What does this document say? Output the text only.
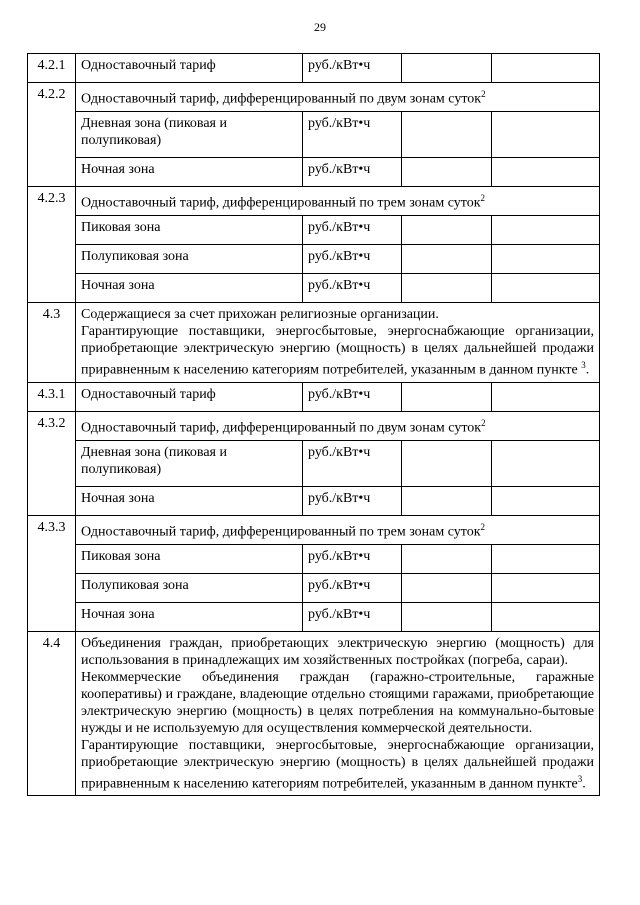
29
4.2.1	Одноставочный тариф	руб./кВт•ч		
4.2.2	Одноставочный тариф, дифференцированный по двум зонам суток$^2$
	Дневная зона (пиковая и полупиковая)	руб./кВт•ч		
	Ночная зона	руб./кВт•ч		
4.2.3	Одноставочный тариф, дифференцированный по трем зонам суток$^2$
	Пиковая зона	руб./кВт•ч		
	Полупиковая зона	руб./кВт•ч		
	Ночная зона	руб./кВт•ч		
4.3	Содержащиеся за счет прихожан религиозные организации.
Гарантирующие поставщики, энергосбытовые, энергоснабжающие организации, приобретающие электрическую энергию (мощность) в целях дальнейшей продажи приравненным к населению категориям потребителей, указанным в данном пункте $^3$.			

4.3.1	Одноставочный тариф	руб./кВт•ч		
4.3.2	Одноставочный тариф, дифференцированный по двум зонам суток$^2$
	Дневная зона (пиковая и полупиковая)	руб./кВт•ч		
	Ночная зона	руб./кВт•ч		
4.3.3	Одноставочный тариф, дифференцированный по трем зонам суток$^2$
	Пиковая зона	руб./кВт•ч		
	Полупиковая зона	руб./кВт•ч		
	Ночная зона	руб./кВт•ч		
4.4	Объединения граждан, приобретающих электрическую энергию (мощность) для использования в принадлежащих им хозяйственных постройках (погреба, сараи).
Некоммерческие объединения граждан (гаражно-строительные, гаражные кооперативы) и граждане, владеющие отдельно стоящими гаражами, приобретающие электрическую энергию (мощность) в целях потребления на коммунально-бытовые нужды и не используемую для осуществления коммерческой деятельности.
Гарантирующие поставщики, энергосбытовые, энергоснабжающие организации, приобретающие электрическую энергию (мощность) в целях дальнейшей продажи приравненным к населению категориям потребителей, указанным в данном пункте$^3$.			
